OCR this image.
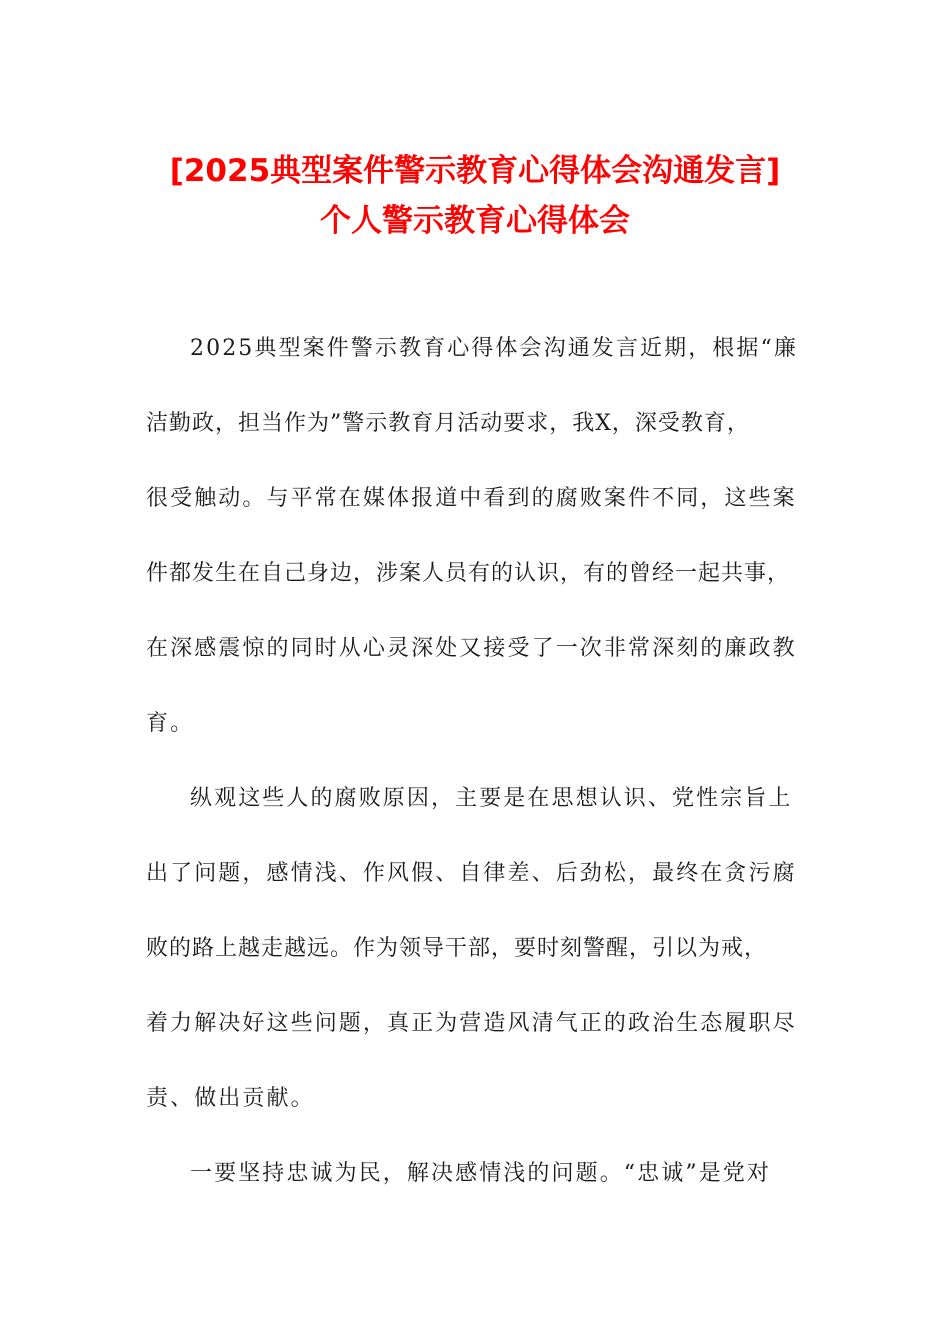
[2025典型案件警示教育心得体会沟通发言]
个人警示教育心得体会
2025典型案件警示教育心得体会沟通发言近期，根据“廉
洁勤政，担当作为”警示教育月活动要求，我X，深受教育，
很受触动。与平常在媒体报道中看到的腐败案件不同，这些案
件都发生在自己身边，涉案人员有的认识，有的曾经一起共事，
在深感震惊的同时从心灵深处又接受了一次非常深刻的廉政教
育。
纵观这些人的腐败原因，主要是在思想认识、党性宗旨上
出了问题，感情浅、作风假、自律差、后劲松，最终在贪污腐
败的路上越走越远。作为领导干部，要时刻警醒，引以为戒，
着力解决好这些问题，真正为营造风清气正的政治生态履职尽
责、做出贡献。
一要坚持忠诚为民，解决感情浅的问题。“忠诚”是党对
